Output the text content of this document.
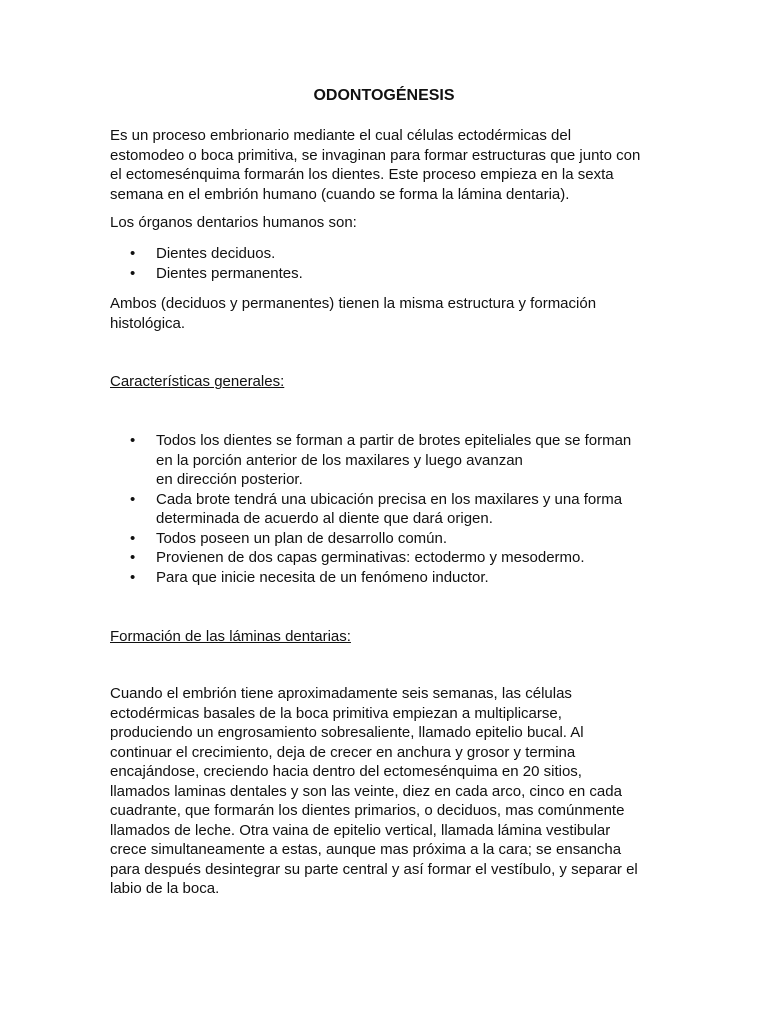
ODONTOGÉNESIS
Es un proceso embrionario mediante el cual células ectodérmicas del
estomodeo o boca primitiva, se invaginan para formar estructuras que junto con
el ectomesénquima formarán los dientes. Este proceso empieza en la sexta
semana en el embrión humano (cuando se forma la lámina dentaria).
Los órganos dentarios humanos son:
• Dientes deciduos.
• Dientes permanentes.
Ambos (deciduos y permanentes) tienen la misma estructura y formación
histológica.
Características generales:
• Todos los dientes se forman a partir de brotes epiteliales que se forman
en la porción anterior de los maxilares y luego avanzan
en dirección posterior.
• Cada brote tendrá una ubicación precisa en los maxilares y una forma
determinada de acuerdo al diente que dará origen.
• Todos poseen un plan de desarrollo común.
• Provienen de dos capas germinativas: ectodermo y mesodermo.
• Para que inicie necesita de un fenómeno inductor.
Formación de las láminas dentarias:
Cuando el embrión tiene aproximadamente seis semanas, las células
ectodérmicas basales de la boca primitiva empiezan a multiplicarse,
produciendo un engrosamiento sobresaliente, llamado epitelio bucal. Al
continuar el crecimiento, deja de crecer en anchura y grosor y termina
encajándose, creciendo hacia dentro del ectomesénquima en 20 sitios,
llamados laminas dentales y son las veinte, diez en cada arco, cinco en cada
cuadrante, que formarán los dientes primarios, o deciduos, mas comúnmente
llamados de leche. Otra vaina de epitelio vertical, llamada lámina vestibular
crece simultaneamente a estas, aunque mas próxima a la cara; se ensancha
para después desintegrar su parte central y así formar el vestíbulo, y separar el
labio de la boca.
